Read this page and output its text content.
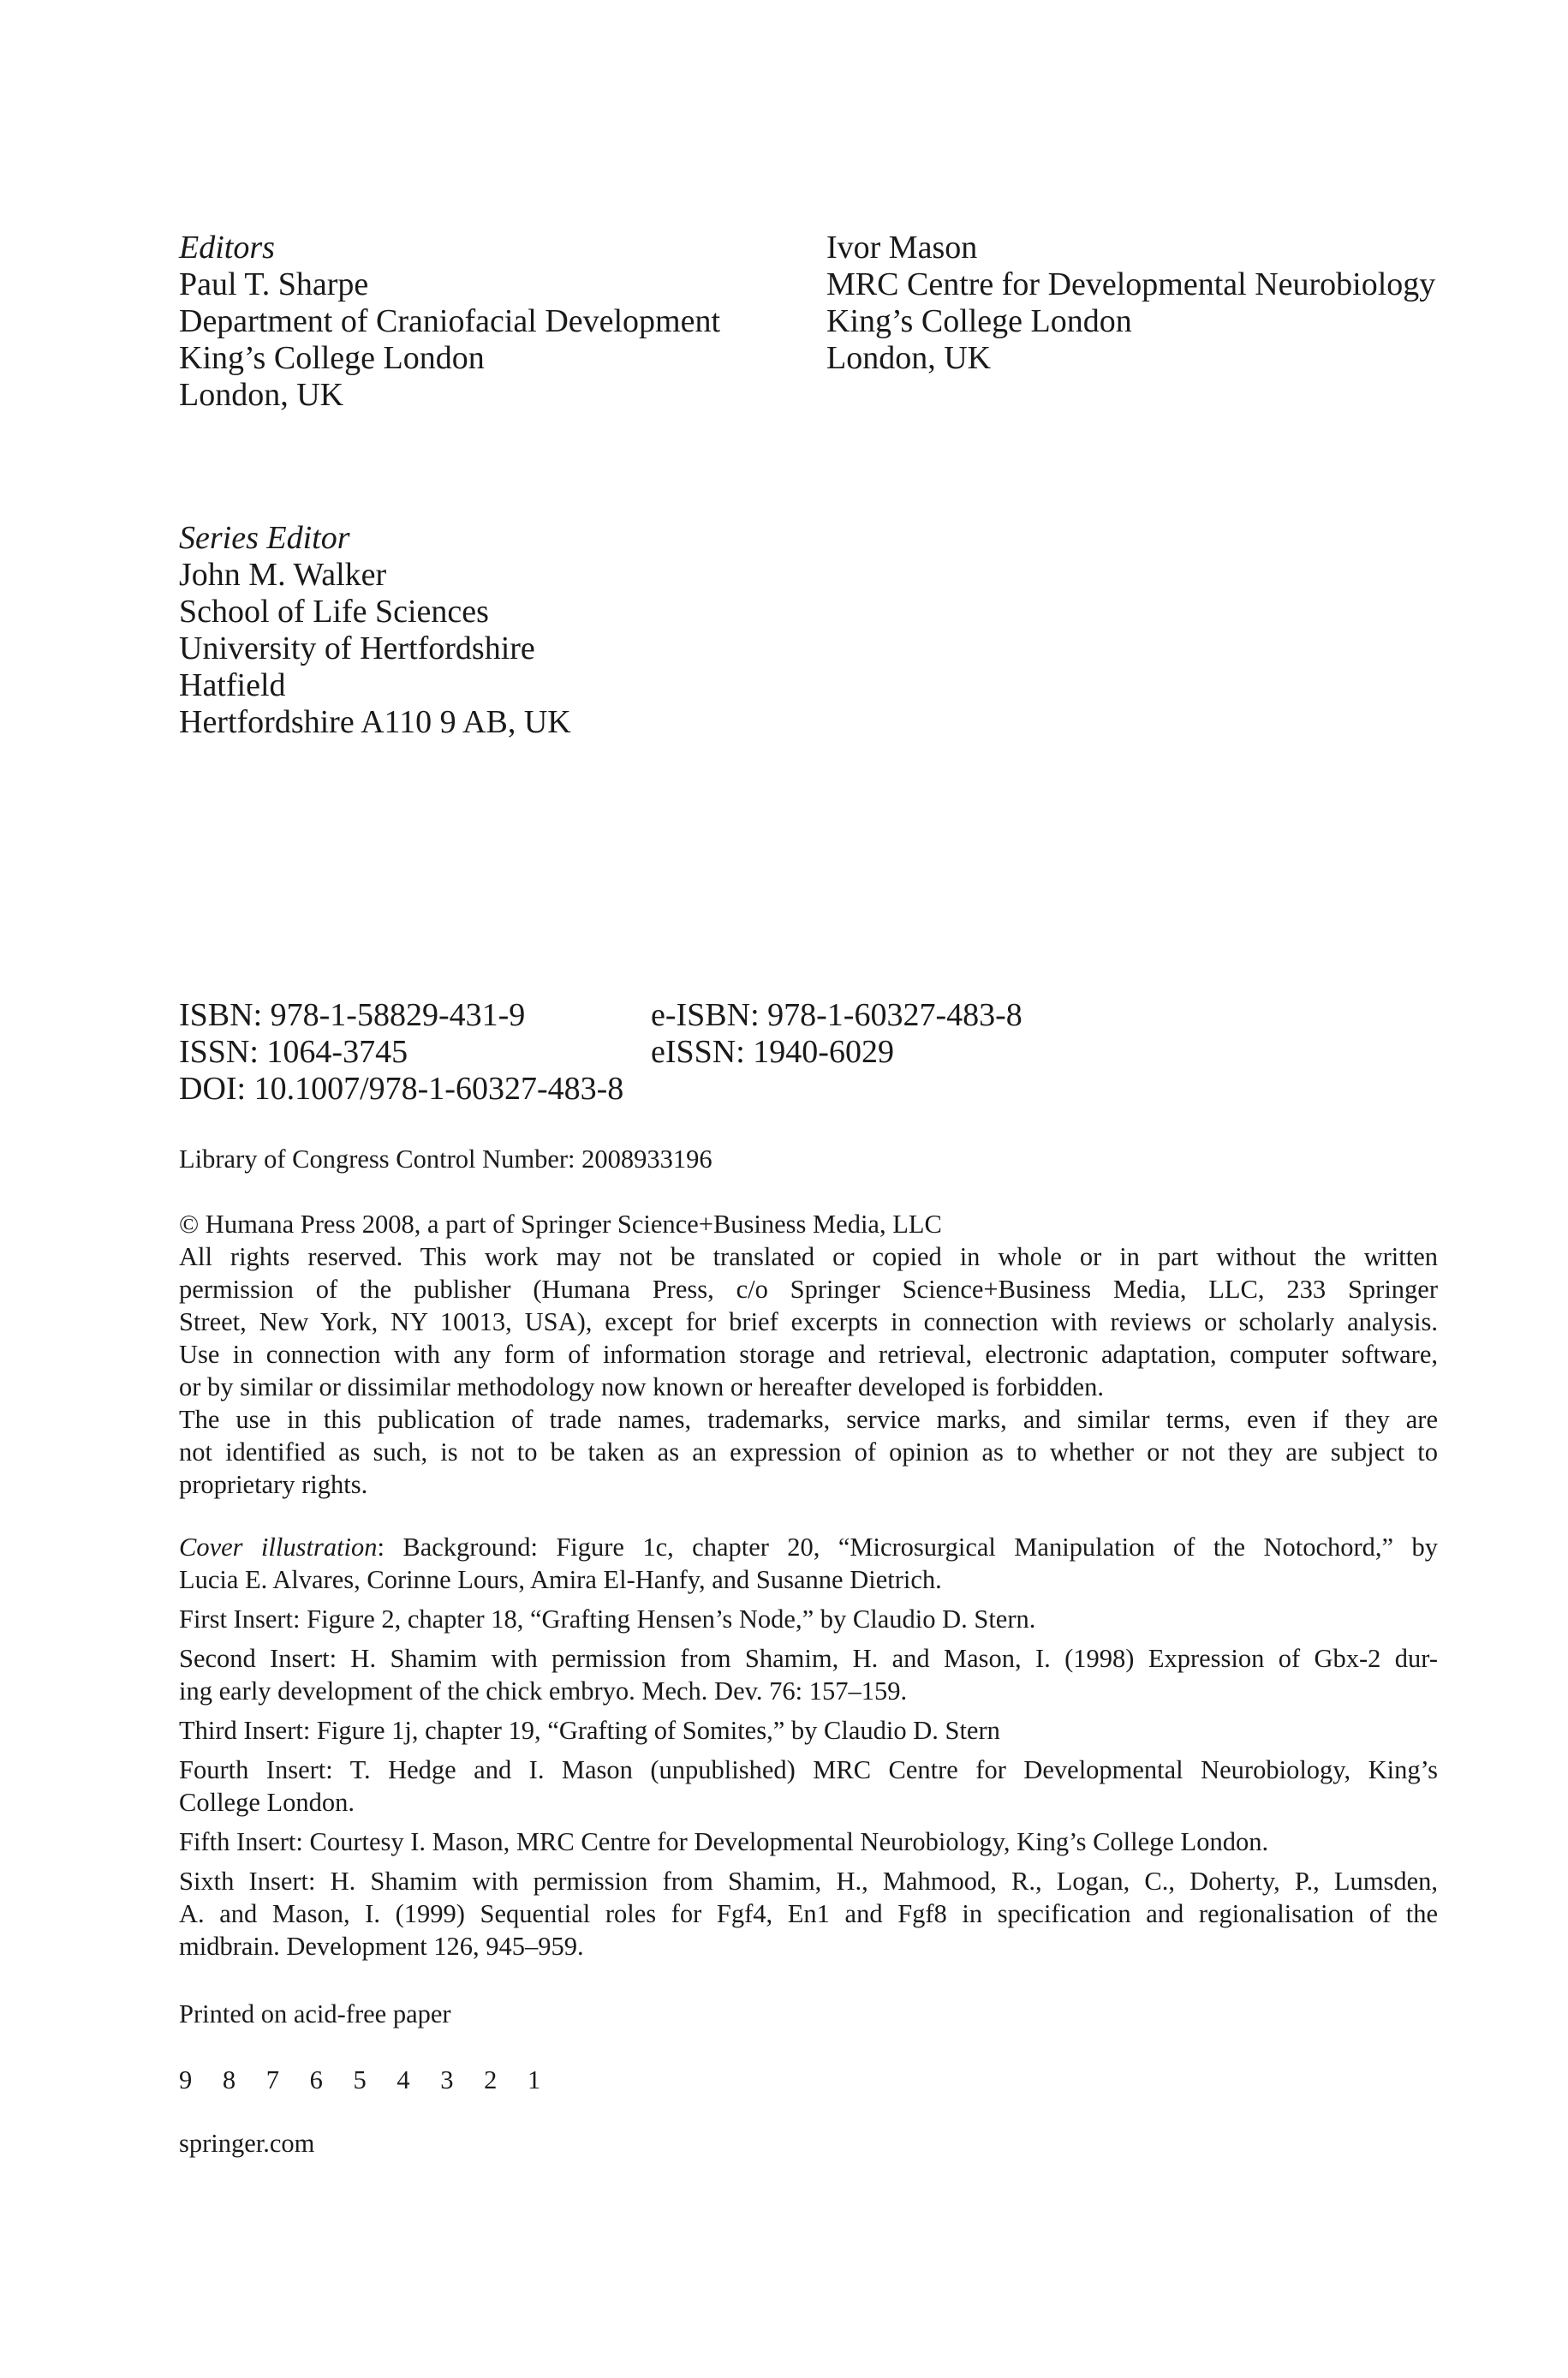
Editors
Paul T. Sharpe
Department of Craniofacial Development
King’s College London
London, UK
Ivor Mason
MRC Centre for Developmental Neurobiology
King’s College London
London, UK
Series Editor
John M. Walker
School of Life Sciences
University of Hertfordshire
Hatfield
Hertfordshire A110 9 AB, UK
ISBN: 978-1-58829-431-9
ISSN: 1064-3745
DOI: 10.1007/978-1-60327-483-8
e-ISBN: 978-1-60327-483-8
eISSN: 1940-6029
Library of Congress Control Number: 2008933196
© Humana Press 2008, a part of Springer Science+Business Media, LLC
All rights reserved. This work may not be translated or copied in whole or in part without the written
permission of the publisher (Humana Press, c/o Springer Science+Business Media, LLC, 233 Springer
Street, New York, NY 10013, USA), except for brief excerpts in connection with reviews or scholarly analysis.
Use in connection with any form of information storage and retrieval, electronic adaptation, computer software,
or by similar or dissimilar methodology now known or hereafter developed is forbidden.
The use in this publication of trade names, trademarks, service marks, and similar terms, even if they are
not identified as such, is not to be taken as an expression of opinion as to whether or not they are subject to
proprietary rights.
Cover illustration: Background: Figure 1c, chapter 20, “Microsurgical Manipulation of the Notochord,” by
Lucia E. Alvares, Corinne Lours, Amira El-Hanfy, and Susanne Dietrich.
First Insert: Figure 2, chapter 18, “Grafting Hensen’s Node,” by Claudio D. Stern.
Second Insert: H. Shamim with permission from Shamim, H. and Mason, I. (1998) Expression of Gbx-2 dur-
ing early development of the chick embryo. Mech. Dev. 76: 157–159.
Third Insert: Figure 1j, chapter 19, “Grafting of Somites,” by Claudio D. Stern
Fourth Insert: T. Hedge and I. Mason (unpublished) MRC Centre for Developmental Neurobiology, King’s
College London.
Fifth Insert: Courtesy I. Mason, MRC Centre for Developmental Neurobiology, King’s College London.
Sixth Insert: H. Shamim with permission from Shamim, H., Mahmood, R., Logan, C., Doherty, P., Lumsden,
A. and Mason, I. (1999) Sequential roles for Fgf4, En1 and Fgf8 in specification and regionalisation of the
midbrain. Development 126, 945–959.
Printed on acid-free paper
9 8 7 6 5 4 3 2 1
springer.com
